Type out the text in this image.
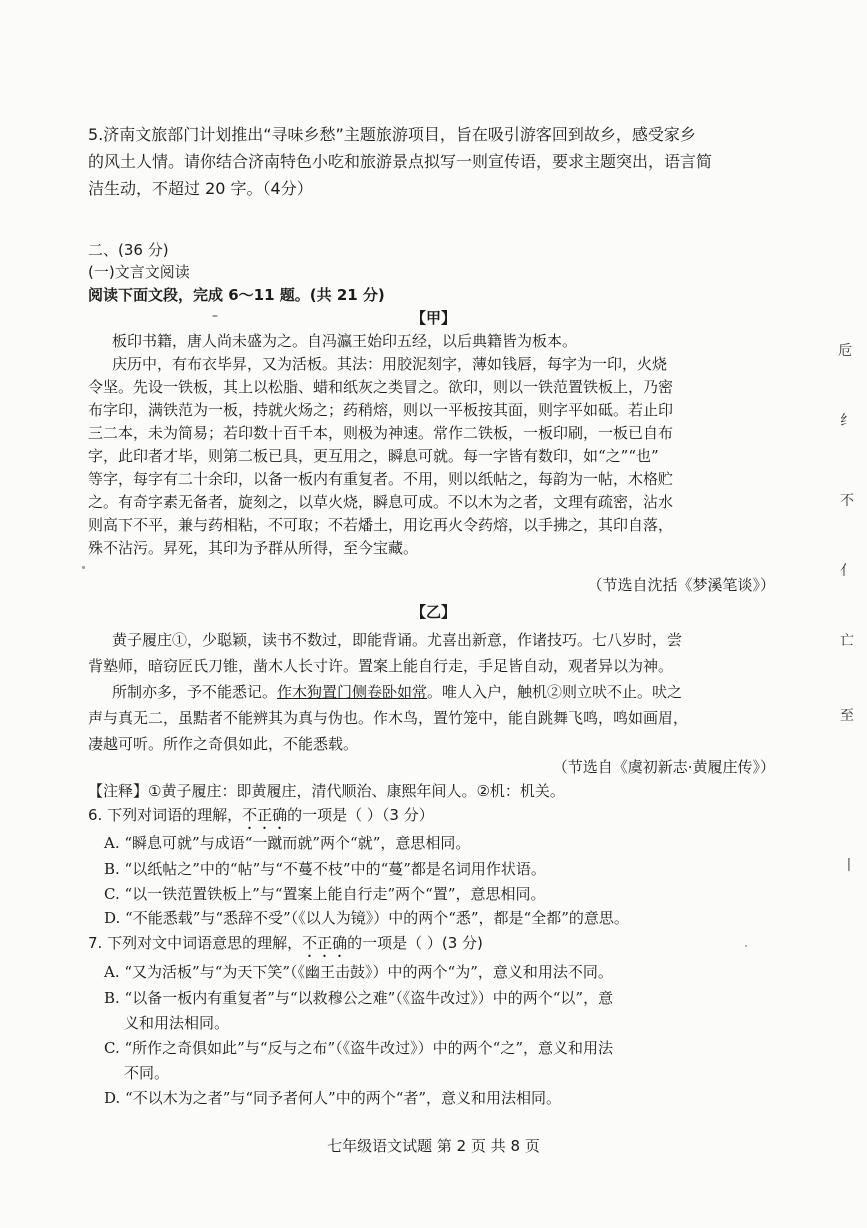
5.济南文旅部门计划推出“寻味乡愁”主题旅游项目，旨在吸引游客回到故乡，感受家乡
的风土人情。请你结合济南特色小吃和旅游景点拟写一则宣传语，要求主题突出，语言简
洁生动，不超过 20 字。（4分）
二、(36 分)
(一)文言文阅读
阅读下面文段，完成 6～11 题。(共 21 分)
【甲】
板印书籍，唐人尚未盛为之。自冯瀛王始印五经，以后典籍皆为板本。
庆历中，有布衣毕昇，又为活板。其法：用胶泥刻字，薄如钱唇，每字为一印，火烧
令坚。先设一铁板，其上以松脂、蜡和纸灰之类冒之。欲印，则以一铁范置铁板上，乃密
布字印，满铁范为一板，持就火炀之；药稍熔，则以一平板按其面，则字平如砥。若止印
三二本，未为简易；若印数十百千本，则极为神速。常作二铁板，一板印刷，一板已自布
字，此印者才毕，则第二板已具，更互用之，瞬息可就。每一字皆有数印，如“之”“也”
等字，每字有二十余印，以备一板内有重复者。不用，则以纸帖之，每韵为一帖，木格贮
之。有奇字素无备者，旋刻之，以草火烧，瞬息可成。不以木为之者，文理有疏密，沾水
则高下不平，兼与药相粘，不可取；不若燔土，用讫再火令药熔，以手拂之，其印自落，
殊不沾污。昇死，其印为予群从所得，至今宝藏。
（节选自沈括《梦溪笔谈》）
【乙】
黄子履庄①，少聪颖，读书不数过，即能背诵。尤喜出新意，作诸技巧。七八岁时，尝
背塾师，暗窃匠氏刀锥，凿木人长寸许。置案上能自行走，手足皆自动，观者异以为神。
所制亦多，予不能悉记。作木狗置门侧卷卧如常。唯人入户，触机②则立吠不止。吠之
声与真无二，虽黠者不能辨其为真与伪也。作木鸟，置竹笼中，能自跳舞飞鸣，鸣如画眉，
凄越可听。所作之奇俱如此，不能悉载。
（节选自《虞初新志·黄履庄传》）
【注释】①黄子履庄：即黄履庄，清代顺治、康熙年间人。②机：机关。
6. 下列对词语的理解，不正确的一项是（ ）（3 分）
A. “瞬息可就”与成语“一蹴而就”两个“就”，意思相同。
B. “以纸帖之”中的“帖”与“不蔓不枝”中的“蔓”都是名词用作状语。
C. “以一铁范置铁板上”与“置案上能自行走”两个“置”，意思相同。
D. “不能悉载”与“悉辞不受”（《以人为镜》）中的两个“悉”，都是“全都”的意思。
7. 下列对文中词语意思的理解，不正确的一项是（ ）(3 分)
A. “又为活板”与“为天下笑”（《幽王击鼓》）中的两个“为”，意义和用法不同。
B. “以备一板内有重复者”与“以救穆公之难”（《盗牛改过》）中的两个“以”，意
义和用法相同。
C. “所作之奇俱如此”与“反与之布”（《盗牛改过》）中的两个“之”，意义和用法
不同。
D. “不以木为之者”与“同予者何人”中的两个“者”，意义和用法相同。
七年级语文试题 第 2 页 共 8 页
卮
纟
不
亻
亡
至
丨
